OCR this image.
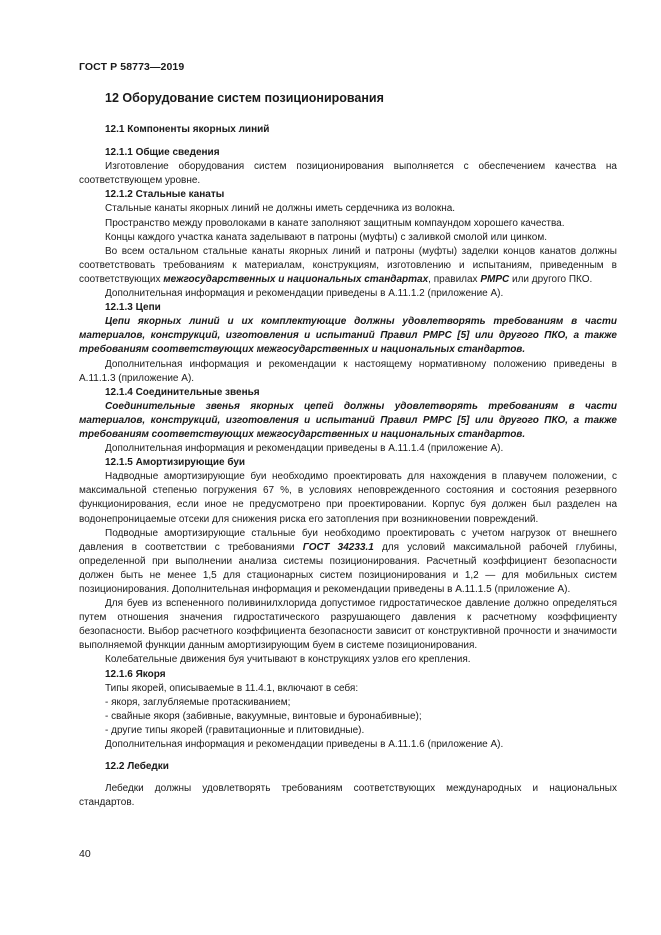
ГОСТ Р 58773—2019
12 Оборудование систем позиционирования
12.1 Компоненты якорных линий
12.1.1 Общие сведения

Изготовление оборудования систем позиционирования выполняется с обеспечением качества на соответствующем уровне.

12.1.2 Стальные канаты

Стальные канаты якорных линий не должны иметь сердечника из волокна.

Пространство между проволоками в канате заполняют защитным компаундом хорошего качества.

Концы каждого участка каната заделывают в патроны (муфты) с заливкой смолой или цинком.

Во всем остальном стальные канаты якорных линий и патроны (муфты) заделки концов канатов должны соответствовать требованиям к материалам, конструкциям, изготовлению и испытаниям, приведенным в соответствующих межгосударственных и национальных стандартах, правилах РМРС или другого ПКО.

Дополнительная информация и рекомендации приведены в А.11.1.2 (приложение А).

12.1.3 Цепи

Цепи якорных линий и их комплектующие должны удовлетворять требованиям в части материалов, конструкций, изготовления и испытаний Правил РМРС [5] или другого ПКО, а также требованиям соответствующих межгосударственных и национальных стандартов.

Дополнительная информация и рекомендации к настоящему нормативному положению приведены в А.11.1.3 (приложение А).

12.1.4 Соединительные звенья

Соединительные звенья якорных цепей должны удовлетворять требованиям в части материалов, конструкций, изготовления и испытаний Правил РМРС [5] или другого ПКО, а также требованиям соответствующих межгосударственных и национальных стандартов.

Дополнительная информация и рекомендации приведены в А.11.1.4 (приложение А).

12.1.5 Амортизирующие буи

Надводные амортизирующие буи необходимо проектировать для нахождения в плавучем положении, с максимальной степенью погружения 67 %, в условиях неповрежденного состояния и состояния резервного функционирования, если иное не предусмотрено при проектировании. Корпус буя должен был разделен на водонепроницаемые отсеки для снижения риска его затопления при возникновении повреждений.

Подводные амортизирующие стальные буи необходимо проектировать с учетом нагрузок от внешнего давления в соответствии с требованиями ГОСТ 34233.1 для условий максимальной рабочей глубины, определенной при выполнении анализа системы позиционирования. Расчетный коэффициент безопасности должен быть не менее 1,5 для стационарных систем позиционирования и 1,2 — для мобильных систем позиционирования. Дополнительная информация и рекомендации приведены в А.11.1.5 (приложение А).

Для буев из вспененного поливинилхлорида допустимое гидростатическое давление должно определяться путем отношения значения гидростатического разрушающего давления к расчетному коэффициенту безопасности. Выбор расчетного коэффициента безопасности зависит от конструктивной прочности и значимости выполняемой функции данным амортизирующим буем в системе позиционирования.

Колебательные движения буя учитывают в конструкциях узлов его крепления.

12.1.6 Якоря

Типы якорей, описываемые в 11.4.1, включают в себя:

- якоря, заглубляемые протаскиванием;
- свайные якоря (забивные, вакуумные, винтовые и буронабивные);
- другие типы якорей (гравитационные и плитовидные).

Дополнительная информация и рекомендации приведены в А.11.1.6 (приложение А).

12.2 Лебедки

Лебедки должны удовлетворять требованиям соответствующих международных и национальных стандартов.

40
